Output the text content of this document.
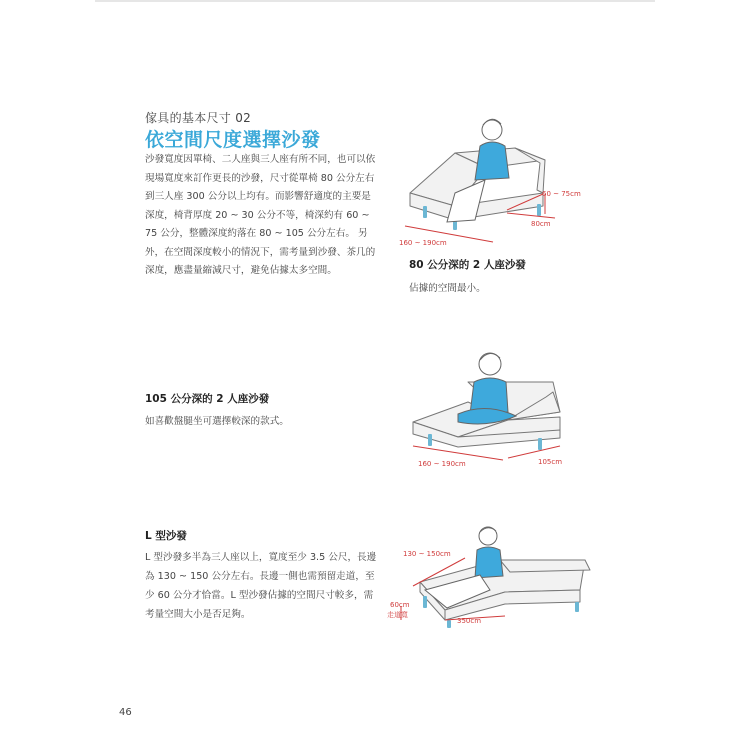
傢具的基本尺寸 02
依空間尺度選擇沙發

沙發寬度因單椅、二人座與三人座有所不同，也可以依現場寬度來訂作更長的沙發，尺寸從單椅 80 公分左右到三人座 300 公分以上均有。而影響舒適度的主要是深度，椅背厚度 20 ~ 30 公分不等，椅深約有 60 ~ 75 公分，整體深度約落在 80 ~ 105 公分左右。 另外，在空間深度較小的情況下，需考量到沙發、茶几的深度，應盡量縮減尺寸，避免佔據太多空間。

60 ~ 75cm
80cm
160 ~ 190cm
80 公分深的 2 人座沙發

佔據的空間最小。

160 ~ 190cm	105cm
105 公分深的 2 人座沙發

如喜歡盤腿坐可選擇較深的款式。

130 ~ 150cm
60cm
走道寬
350cm
L 型沙發

L 型沙發多半為三人座以上，寬度至少 3.5 公尺，長邊為 130 ~ 150 公分左右。長邊一側也需預留走道，至少 60 公分才恰當。L 型沙發佔據的空間尺寸較多，需考量空間大小是否足夠。

46
